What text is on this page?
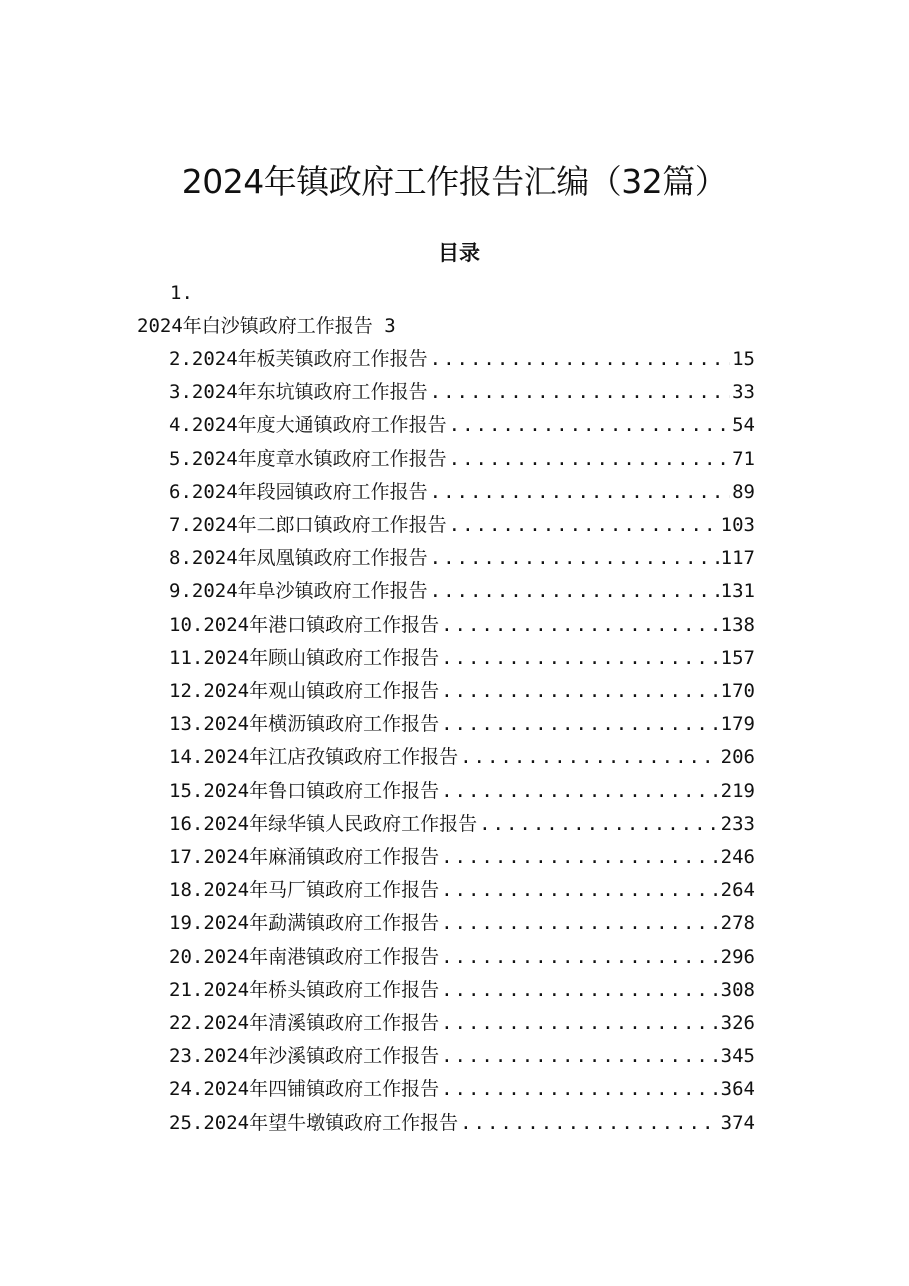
2024年镇政府工作报告汇编（32篇）
目录
1.
2024年白沙镇政府工作报告 3
2. 2024年板芙镇政府工作报告 .....	15
3. 2024年东坑镇政府工作报告 .....	33
4. 2024年度大通镇政府工作报告 .....	54
5. 2024年度章水镇政府工作报告 .....	71
6. 2024年段园镇政府工作报告 .....	89
7. 2024年二郎口镇政府工作报告 .....	103
8. 2024年凤凰镇政府工作报告 .....	117
9. 2024年阜沙镇政府工作报告 .....	131
10. 2024年港口镇政府工作报告 .....	138
11. 2024年顾山镇政府工作报告 .....	157
12. 2024年观山镇政府工作报告 .....	170
13. 2024年横沥镇政府工作报告 .....	179
14. 2024年江店孜镇政府工作报告 .....	206
15. 2024年鲁口镇政府工作报告 .....	219
16. 2024年绿华镇人民政府工作报告 .....	233
17. 2024年麻涌镇政府工作报告 .....	246
18. 2024年马厂镇政府工作报告 .....	264
19. 2024年勐满镇政府工作报告 .....	278
20. 2024年南港镇政府工作报告 .....	296
21. 2024年桥头镇政府工作报告 .....	308
22. 2024年清溪镇政府工作报告 .....	326
23. 2024年沙溪镇政府工作报告 .....	345
24. 2024年四铺镇政府工作报告 .....	364
25. 2024年望牛墩镇政府工作报告 .....	374
